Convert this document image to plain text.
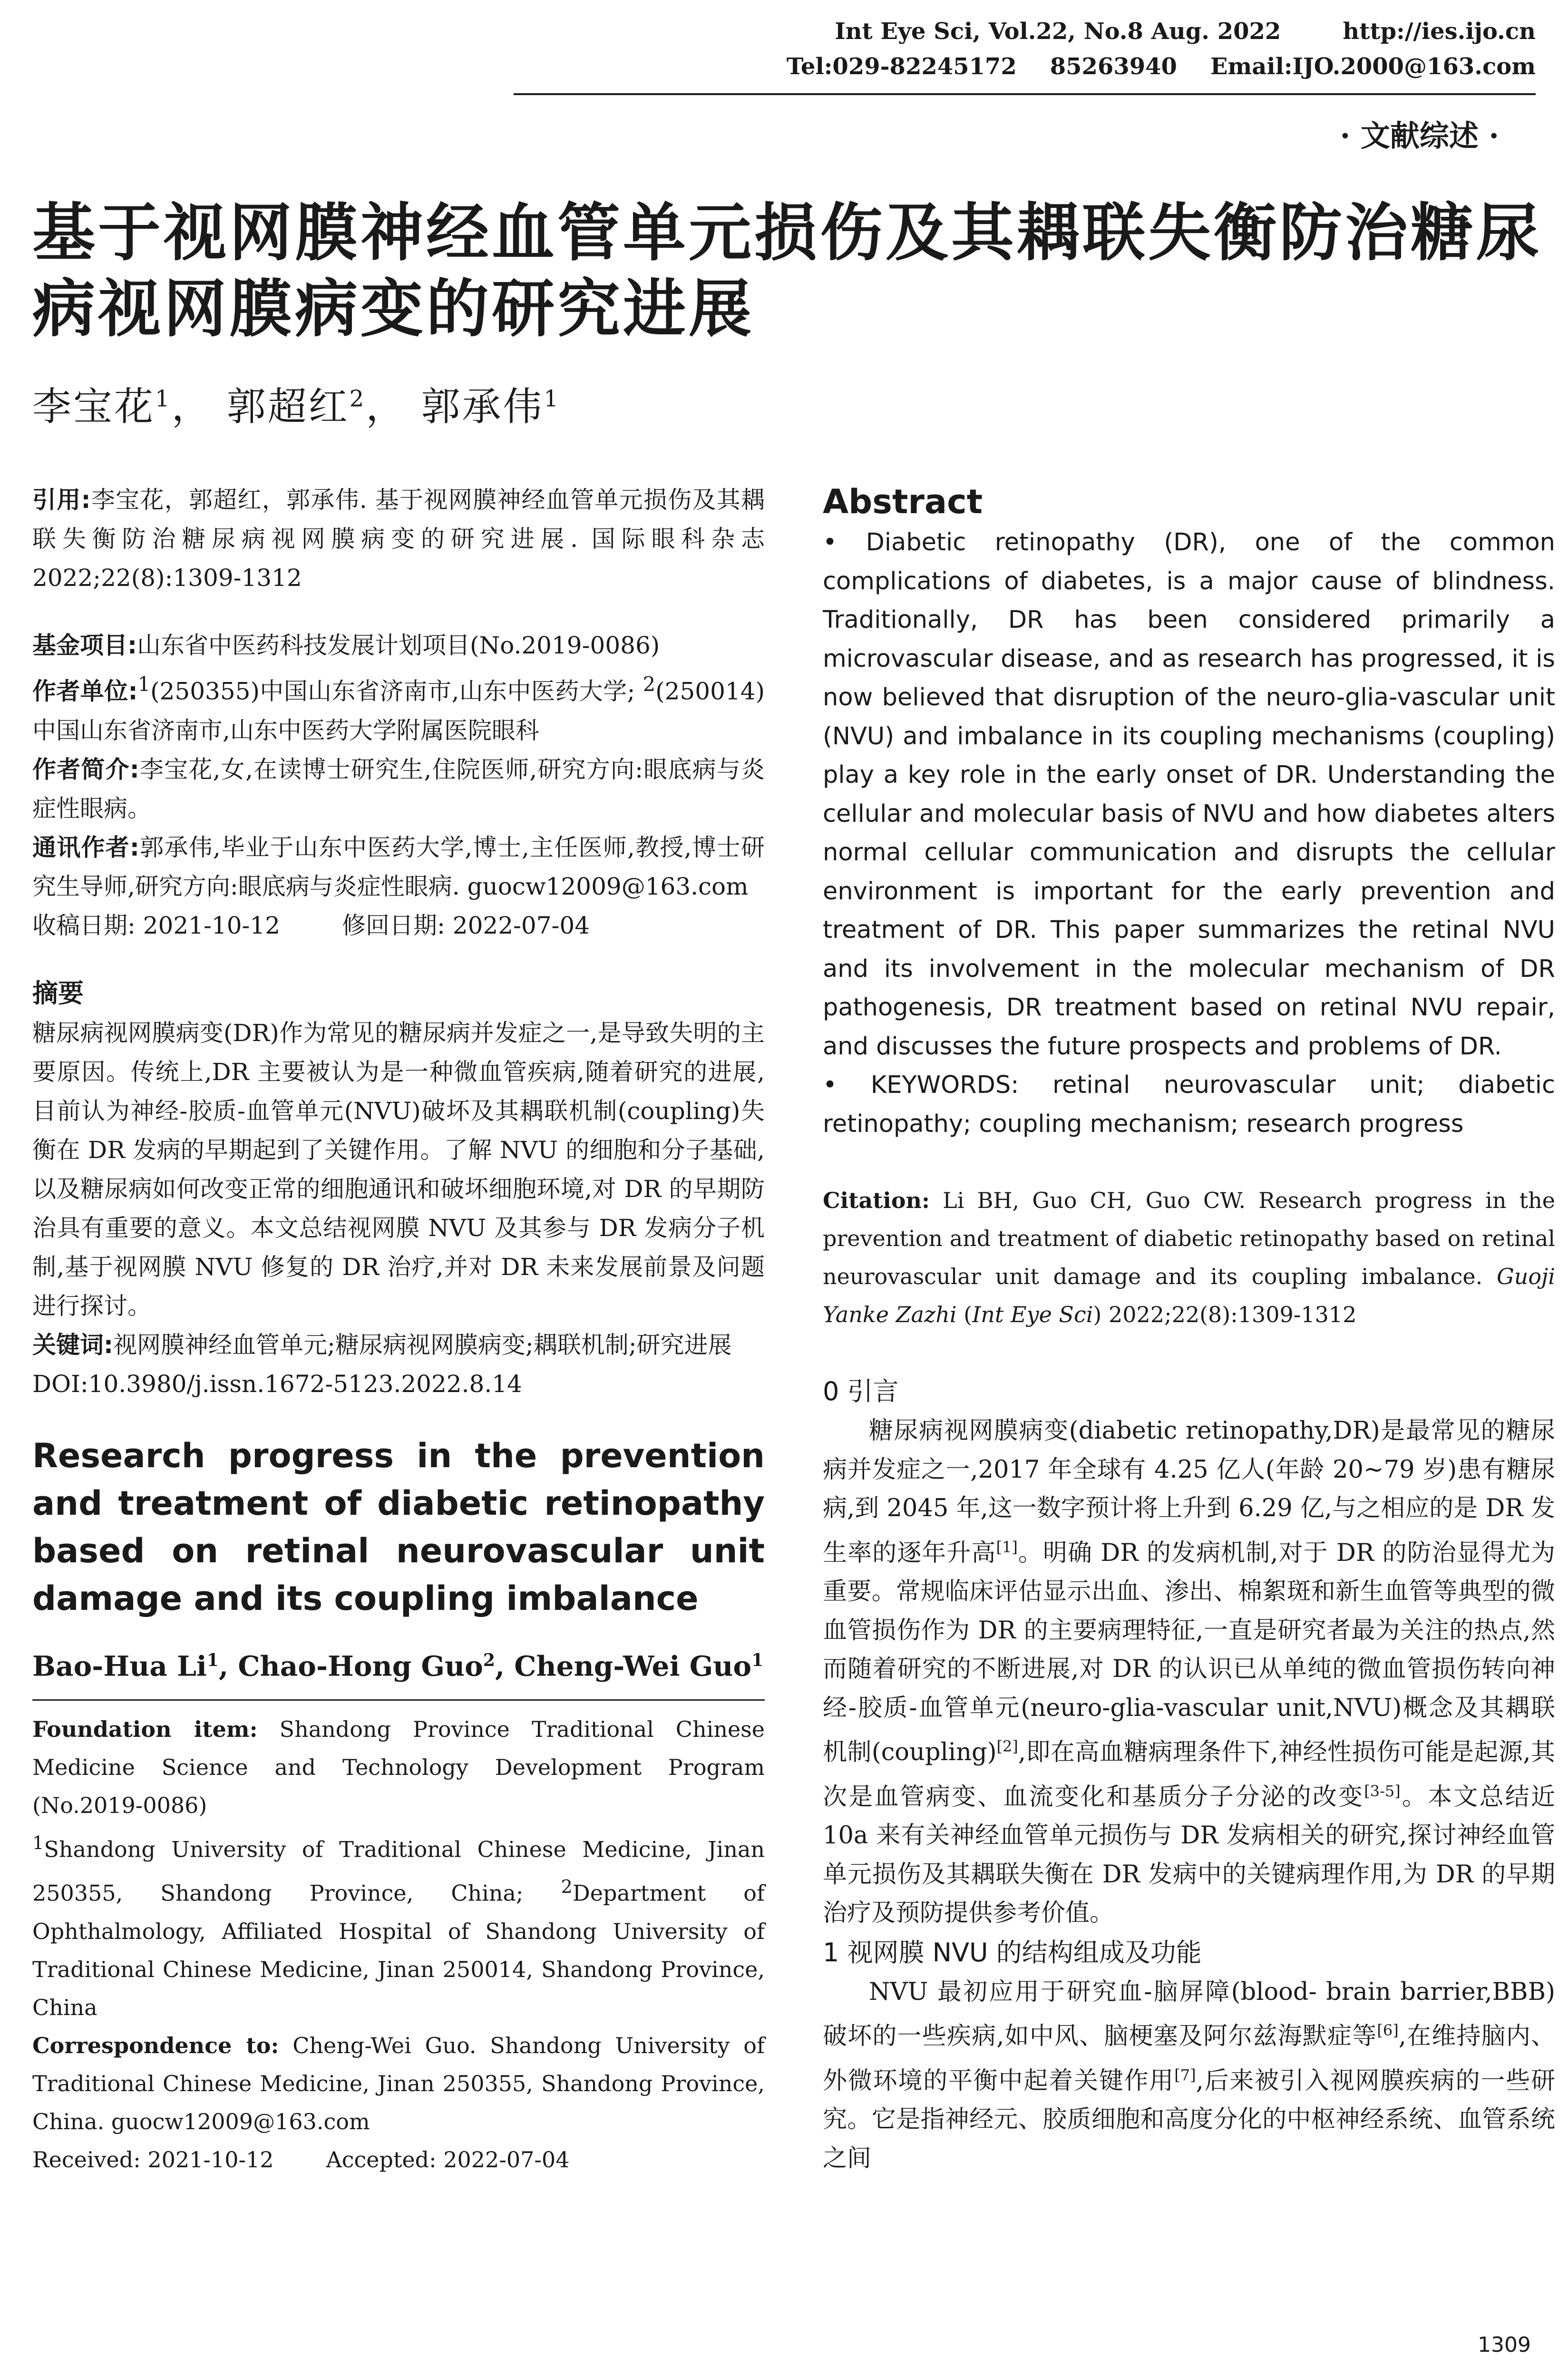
Int Eye Sci, Vol.22, No.8 Aug. 2022	http://ies.ijo.cn
Tel:029-82245172 85263940 Email:IJO.2000@163.com
· 文献综述 ·
基于视网膜神经血管单元损伤及其耦联失衡防治糖尿病视网膜病变的研究进展
李宝花$^1$， 郭超红$^2$， 郭承伟$^1$

引用:李宝花，郭超红，郭承伟. 基于视网膜神经血管单元损伤及其耦联失衡防治糖尿病视网膜病变的研究进展. 国际眼科杂志 2022;22(8):1309-1312

基金项目:山东省中医药科技发展计划项目(No.2019-0086)

作者单位:$^1$(250355)中国山东省济南市,山东中医药大学; $^2$(250014)中国山东省济南市,山东中医药大学附属医院眼科

作者简介:李宝花,女,在读博士研究生,住院医师,研究方向:眼底病与炎症性眼病。

通讯作者:郭承伟,毕业于山东中医药大学,博士,主任医师,教授,博士研究生导师,研究方向:眼底病与炎症性眼病. guocw12009@163.com

收稿日期: 2021-10-12	修回日期: 2022-07-04

摘要

糖尿病视网膜病变(DR)作为常见的糖尿病并发症之一,是导致失明的主要原因。传统上,DR 主要被认为是一种微血管疾病,随着研究的进展,目前认为神经-胶质-血管单元(NVU)破坏及其耦联机制(coupling)失衡在 DR 发病的早期起到了关键作用。了解 NVU 的细胞和分子基础,以及糖尿病如何改变正常的细胞通讯和破坏细胞环境,对 DR 的早期防治具有重要的意义。本文总结视网膜 NVU 及其参与 DR 发病分子机制,基于视网膜 NVU 修复的 DR 治疗,并对 DR 未来发展前景及问题进行探讨。

关键词:视网膜神经血管单元;糖尿病视网膜病变;耦联机制;研究进展

DOI:10.3980/j.issn.1672-5123.2022.8.14

Research progress in the prevention and treatment of diabetic retinopathy based on retinal neurovascular unit damage and its coupling imbalance
Bao-Hua Li$^1$, Chao-Hong Guo$^2$, Cheng-Wei Guo$^1$

Foundation item: Shandong Province Traditional Chinese Medicine Science and Technology Development Program (No.2019-0086)

$^1$Shandong University of Traditional Chinese Medicine, Jinan 250355, Shandong Province, China; $^2$Department of Ophthalmology, Affiliated Hospital of Shandong University of Traditional Chinese Medicine, Jinan 250014, Shandong Province, China

Correspondence to: Cheng-Wei Guo. Shandong University of Traditional Chinese Medicine, Jinan 250355, Shandong Province, China. guocw12009@163.com

Received: 2021-10-12 Accepted: 2022-07-04

Abstract

• Diabetic retinopathy (DR), one of the common complications of diabetes, is a major cause of blindness. Traditionally, DR has been considered primarily a microvascular disease, and as research has progressed, it is now believed that disruption of the neuro-glia-vascular unit (NVU) and imbalance in its coupling mechanisms (coupling) play a key role in the early onset of DR. Understanding the cellular and molecular basis of NVU and how diabetes alters normal cellular communication and disrupts the cellular environment is important for the early prevention and treatment of DR. This paper summarizes the retinal NVU and its involvement in the molecular mechanism of DR pathogenesis, DR treatment based on retinal NVU repair, and discusses the future prospects and problems of DR.

• KEYWORDS: retinal neurovascular unit; diabetic retinopathy; coupling mechanism; research progress

Citation: Li BH, Guo CH, Guo CW. Research progress in the prevention and treatment of diabetic retinopathy based on retinal neurovascular unit damage and its coupling imbalance. Guoji Yanke Zazhi (Int Eye Sci) 2022;22(8):1309-1312

0 引言

糖尿病视网膜病变(diabetic retinopathy,DR)是最常见的糖尿病并发症之一,2017 年全球有 4.25 亿人(年龄 20~79 岁)患有糖尿病,到 2045 年,这一数字预计将上升到 6.29 亿,与之相应的是 DR 发生率的逐年升高[1]。明确 DR 的发病机制,对于 DR 的防治显得尤为重要。常规临床评估显示出血、渗出、棉絮斑和新生血管等典型的微血管损伤作为 DR 的主要病理特征,一直是研究者最为关注的热点,然而随着研究的不断进展,对 DR 的认识已从单纯的微血管损伤转向神经-胶质-血管单元(neuro-glia-vascular unit,NVU)概念及其耦联机制(coupling)[2],即在高血糖病理条件下,神经性损伤可能是起源,其次是血管病变、血流变化和基质分子分泌的改变[3-5]。本文总结近 10a 来有关神经血管单元损伤与 DR 发病相关的研究,探讨神经血管单元损伤及其耦联失衡在 DR 发病中的关键病理作用,为 DR 的早期治疗及预防提供参考价值。

1 视网膜 NVU 的结构组成及功能

NVU 最初应用于研究血-脑屏障(blood- brain barrier,BBB)破坏的一些疾病,如中风、脑梗塞及阿尔兹海默症等[6],在维持脑内、外微环境的平衡中起着关键作用[7],后来被引入视网膜疾病的一些研究。它是指神经元、胶质细胞和高度分化的中枢神经系统、血管系统之间

1309
